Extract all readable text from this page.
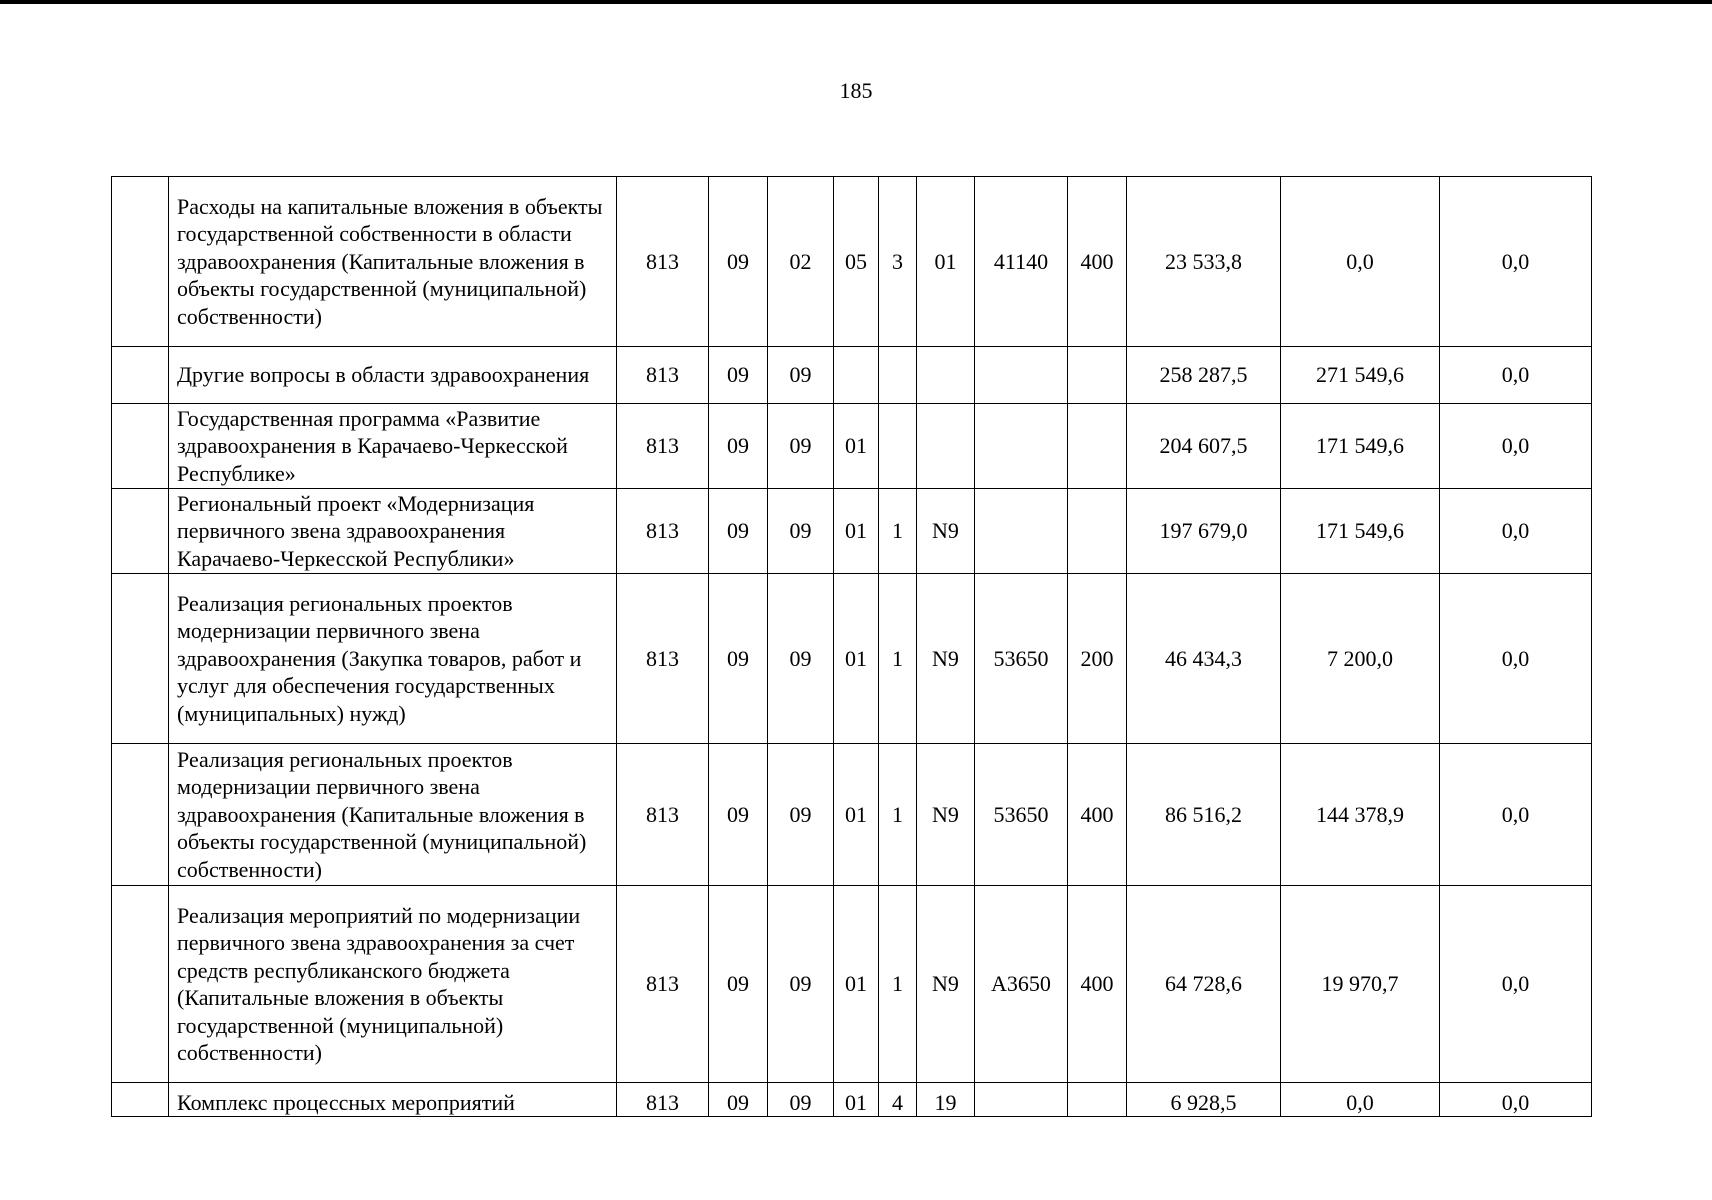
185
	Расходы на капитальные вложения в объекты государственной собственности в области здравоохранения (Капитальные вложения в объекты государственной (муниципальной) собственности)	813	09	02	05	3	01	41140	400	23 533,8	0,0	0,0
	Другие вопросы в области здравоохранения	813	09	09						258 287,5	271 549,6	0,0
	Государственная программа «Развитие здравоохранения в Карачаево-Черкесской Республике»	813	09	09	01					204 607,5	171 549,6	0,0
	Региональный проект «Модернизация первичного звена здравоохранения Карачаево-Черкесской Республики»	813	09	09	01	1	N9			197 679,0	171 549,6	0,0
	Реализация региональных проектов модернизации первичного звена здравоохранения (Закупка товаров, работ и услуг для обеспечения государственных (муниципальных) нужд)	813	09	09	01	1	N9	53650	200	46 434,3	7 200,0	0,0
	Реализация региональных проектов модернизации первичного звена здравоохранения (Капитальные вложения в объекты государственной (муниципальной) собственности)	813	09	09	01	1	N9	53650	400	86 516,2	144 378,9	0,0
	Реализация мероприятий по модернизации первичного звена здравоохранения за счет средств республиканского бюджета (Капитальные вложения в объекты государственной (муниципальной) собственности)	813	09	09	01	1	N9	А3650	400	64 728,6	19 970,7	0,0
	Комплекс процессных мероприятий	813	09	09	01	4	19			6 928,5	0,0	0,0
